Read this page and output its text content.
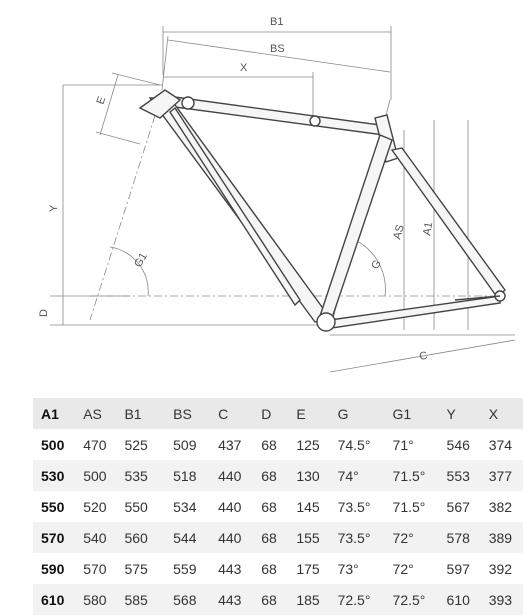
B1
BS
X
E
Y
D
G1	G
AS A1
C
A1	AS	B1	BS	C	D	E	G	G1	Y	X
500	470	525	509	437	68	125	74.5°	71°	546	374
530	500	535	518	440	68	130	74°	71.5°	553	377
550	520	550	534	440	68	145	73.5°	71.5°	567	382
570	540	560	544	440	68	155	73.5°	72°	578	389
590	570	575	559	443	68	175	73°	72°	597	392
610	580	585	568	443	68	185	72.5°	72.5°	610	393
